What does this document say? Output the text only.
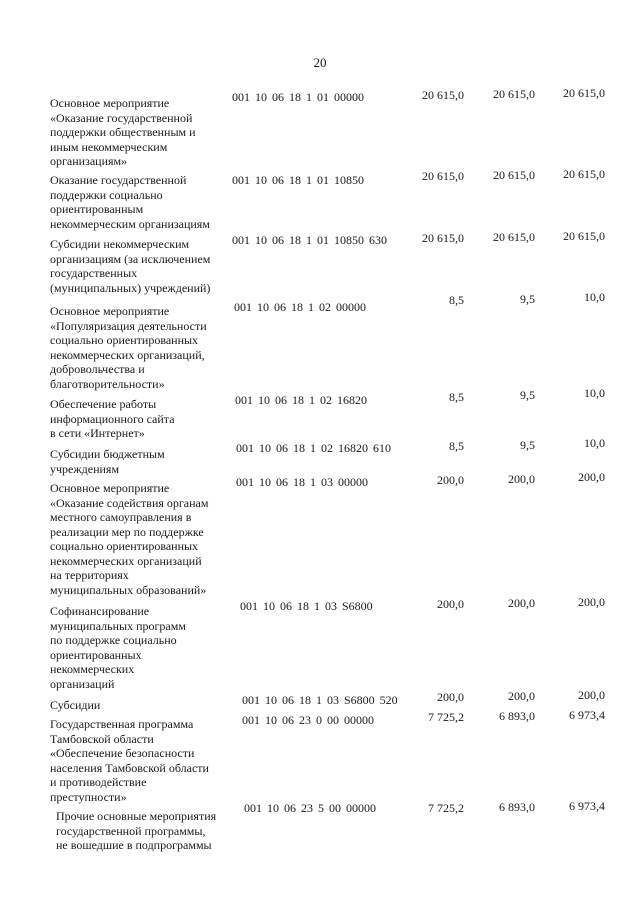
20
Основное мероприятие
«Оказание государственной
поддержки общественным и
иным некоммерческим
организациям»
001 10 06 18 1 01 00000	20 615,0	20 615,0	20 615,0
Оказание государственной
поддержки социально
ориентированным
некоммерческим организациям
001 10 06 18 1 01 10850	20 615,0	20 615,0	20 615,0
Субсидии некоммерческим
организациям (за исключением
государственных
(муниципальных) учреждений)
001 10 06 18 1 01 10850 630	20 615,0	20 615,0	20 615,0
Основное мероприятие
«Популяризация деятельности
социально ориентированных
некоммерческих организаций,
добровольчества и
благотворительности»
001 10 06 18 1 02 00000	8,5	9,5	10,0
Обеспечение работы
информационного сайта
в сети «Интернет»
001 10 06 18 1 02 16820	8,5	9,5	10,0
Субсидии бюджетным
учреждениям
001 10 06 18 1 02 16820 610	8,5	9,5	10,0
Основное мероприятие
«Оказание содействия органам
местного самоуправления в
реализации мер по поддержке
социально ориентированных
некоммерческих организаций
на территориях
муниципальных образований»
001 10 06 18 1 03 00000	200,0	200,0	200,0
Софинансирование
муниципальных программ
по поддержке социально
ориентированных
некоммерческих
организаций
001 10 06 18 1 03 S6800	200,0	200,0	200,0
Субсидии	001 10 06 18 1 03 S6800 520	200,0	200,0	200,0
Государственная программа
Тамбовской области
«Обеспечение безопасности
населения Тамбовской области
и противодействие
преступности»
001 10 06 23 0 00 00000	7 725,2	6 893,0	6 973,4
Прочие основные мероприятия
государственной программы,
не вошедшие в подпрограммы
001 10 06 23 5 00 00000	7 725,2	6 893,0	6 973,4
